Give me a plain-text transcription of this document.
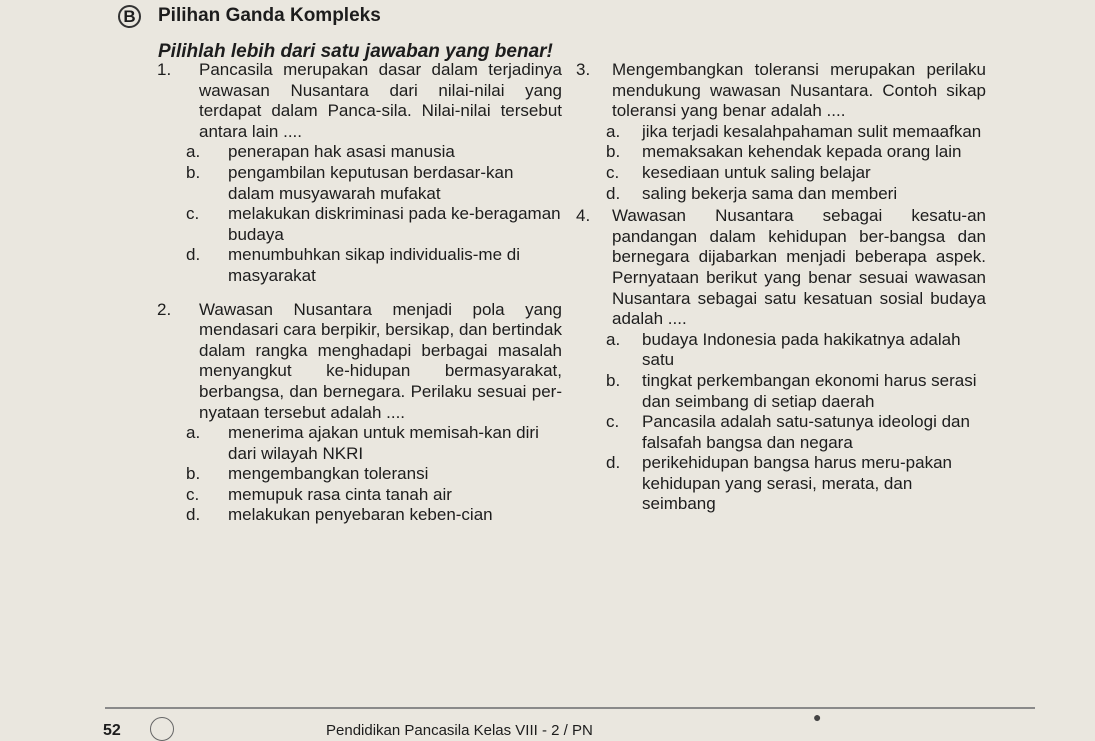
B Pilihan Ganda Kompleks
Pilihlah lebih dari satu jawaban yang benar!
1. Pancasila merupakan dasar dalam terjadinya wawasan Nusantara dari nilai-nilai yang terdapat dalam Panca-sila. Nilai-nilai tersebut antara lain ....
a. penerapan hak asasi manusia
b. pengambilan keputusan berdasar-kan dalam musyawarah mufakat
c. melakukan diskriminasi pada ke-beragaman budaya
d. menumbuhkan sikap individualis-me di masyarakat
2. Wawasan Nusantara menjadi pola yang mendasari cara berpikir, bersikap, dan bertindak dalam rangka menghadapi berbagai masalah menyangkut ke-hidupan bermasyarakat, berbangsa, dan bernegara. Perilaku sesuai per-nyataan tersebut adalah ....
a. menerima ajakan untuk memisah-kan diri dari wilayah NKRI
b. mengembangkan toleransi
c. memupuk rasa cinta tanah air
d. melakukan penyebaran keben-cian
3. Mengembangkan toleransi merupakan perilaku mendukung wawasan Nusantara. Contoh sikap toleransi yang benar adalah ....
a. jika terjadi kesalahpahaman sulit memaafkan
b. memaksakan kehendak kepada orang lain
c. kesediaan untuk saling belajar
d. saling bekerja sama dan memberi
4. Wawasan Nusantara sebagai kesatu-an pandangan dalam kehidupan ber-bangsa dan bernegara dijabarkan menjadi beberapa aspek. Pernyataan berikut yang benar sesuai wawasan Nusantara sebagai satu kesatuan sosial budaya adalah ....
a. budaya Indonesia pada hakikatnya adalah satu
b. tingkat perkembangan ekonomi harus serasi dan seimbang di setiap daerah
c. Pancasila adalah satu-satunya ideologi dan falsafah bangsa dan negara
d. perikehidupan bangsa harus meru-pakan kehidupan yang serasi, merata, dan seimbang
52	Pendidikan Pancasila Kelas VIII - 2 / PN
●
